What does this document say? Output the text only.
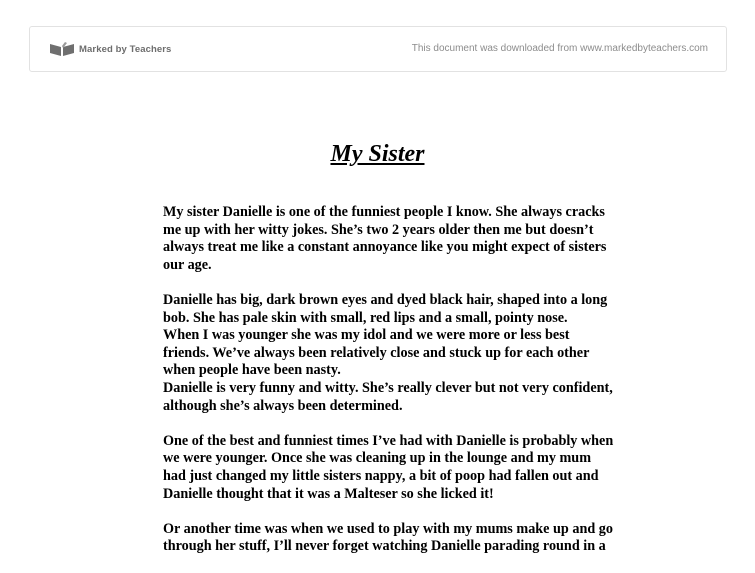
Marked by Teachers	This document was downloaded from www.markedbyteachers.com
My Sister

My sister Danielle is one of the funniest people I know. She always cracks
me up with her witty jokes. She’s two 2 years older then me but doesn’t
always treat me like a constant annoyance like you might expect of sisters
our age.

Danielle has big, dark brown eyes and dyed black hair, shaped into a long
bob. She has pale skin with small, red lips and a small, pointy nose.
When I was younger she was my idol and we were more or less best
friends. We’ve always been relatively close and stuck up for each other
when people have been nasty.
Danielle is very funny and witty. She’s really clever but not very confident,
although she’s always been determined.

One of the best and funniest times I’ve had with Danielle is probably when
we were younger. Once she was cleaning up in the lounge and my mum
had just changed my little sisters nappy, a bit of poop had fallen out and
Danielle thought that it was a Malteser so she licked it!

Or another time was when we used to play with my mums make up and go
through her stuff, I’ll never forget watching Danielle parading round in a
